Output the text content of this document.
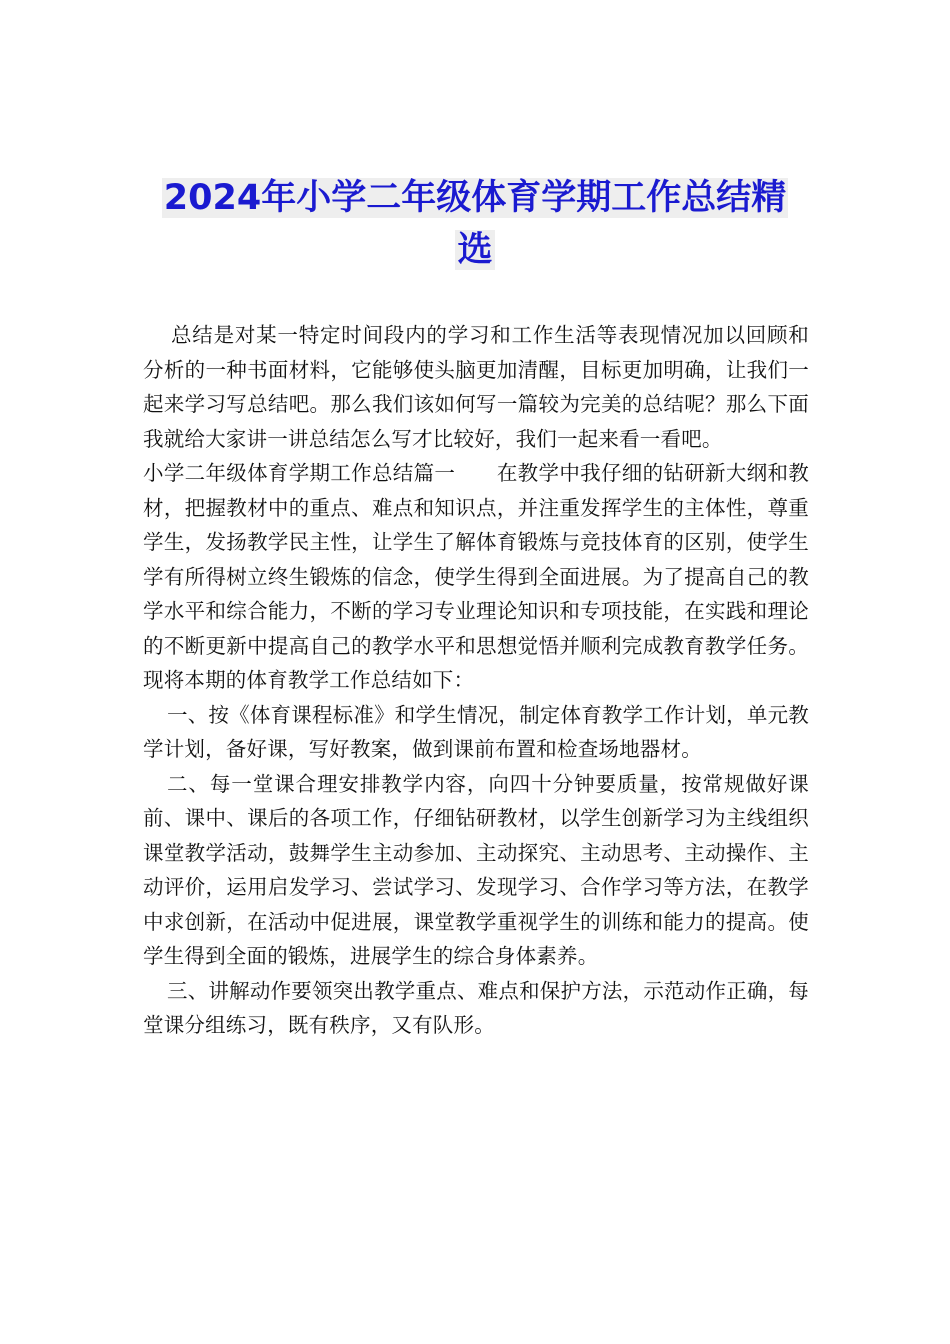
2024年小学二年级体育学期工作总结精
选

总结是对某一特定时间段内的学习和工作生活等表现情况加以回顾和分析的一种书面材料，它能够使头脑更加清醒，目标更加明确，让我们一起来学习写总结吧。那么我们该如何写一篇较为完美的总结呢？那么下面我就给大家讲一讲总结怎么写才比较好，我们一起来看一看吧。

小学二年级体育学期工作总结篇一　　在教学中我仔细的钻研新大纲和教材，把握教材中的重点、难点和知识点，并注重发挥学生的主体性，尊重学生，发扬教学民主性，让学生了解体育锻炼与竞技体育的区别，使学生学有所得树立终生锻炼的信念，使学生得到全面进展。为了提高自己的教学水平和综合能力，不断的学习专业理论知识和专项技能，在实践和理论的不断更新中提高自己的教学水平和思想觉悟并顺利完成教育教学任务。现将本期的体育教学工作总结如下：

一、按《体育课程标准》和学生情况，制定体育教学工作计划，单元教学计划，备好课，写好教案，做到课前布置和检查场地器材。

二、每一堂课合理安排教学内容，向四十分钟要质量，按常规做好课前、课中、课后的各项工作，仔细钻研教材，以学生创新学习为主线组织课堂教学活动，鼓舞学生主动参加、主动探究、主动思考、主动操作、主动评价，运用启发学习、尝试学习、发现学习、合作学习等方法，在教学中求创新，在活动中促进展，课堂教学重视学生的训练和能力的提高。使学生得到全面的锻炼，进展学生的综合身体素养。

三、讲解动作要领突出教学重点、难点和保护方法，示范动作正确，每堂课分组练习，既有秩序，又有队形。
